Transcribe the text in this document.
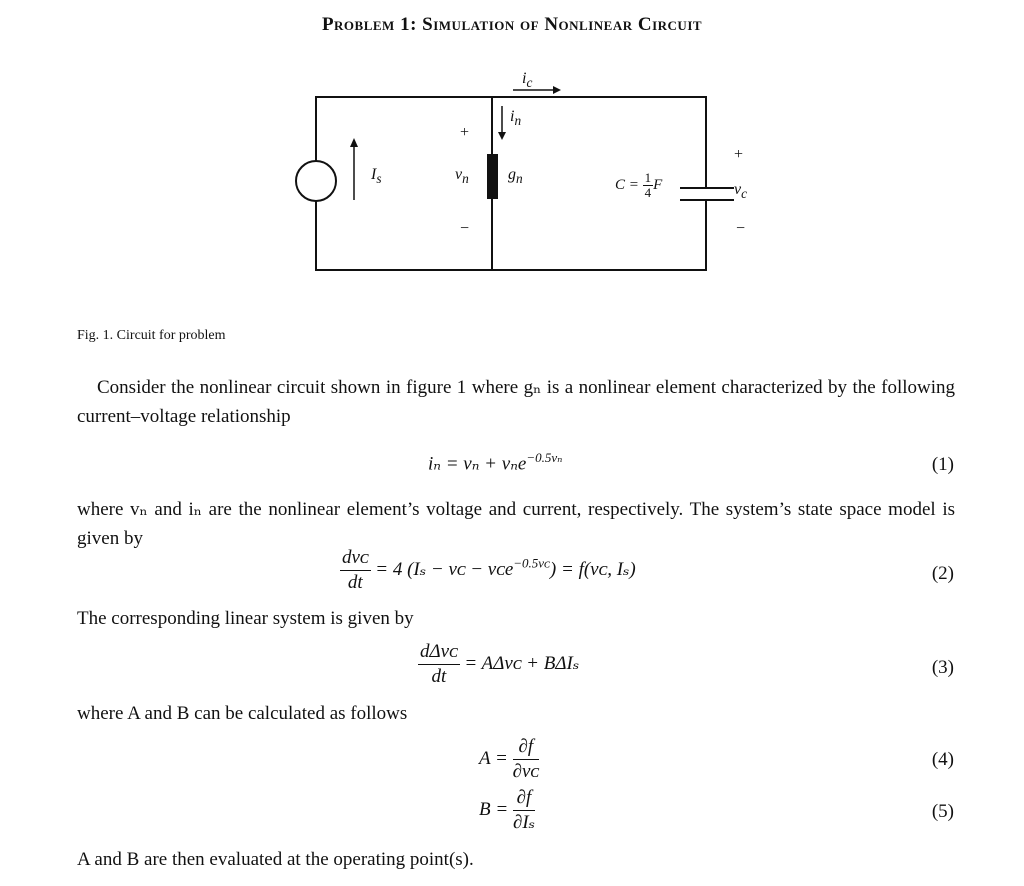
Problem 1: Simulation of Nonlinear Circuit
$i_c$
$i_n$
$I_s$	$v_n$ $g_n$
+
−
+
−
$C = \frac{1}{4}$ F	$v_c$
Fig. 1. Circuit for problem
Consider the nonlinear circuit shown in figure 1 where gₙ is a nonlinear element characterized by the following current–voltage relationship
iₙ = vₙ + vₙe$^{-0.5v_n}$	(1)
where vₙ and iₙ are the nonlinear element’s voltage and current, respectively. The system’s state space model is given by
$\frac{\text{dvᴄ}}{dt} = 4$ (Iₛ − vᴄ − vᴄe$^{-0.5vᴄ}$) = f(vᴄ, Iₛ)	(2)
The corresponding linear system is given by
$\frac{\text{dΔvᴄ}}{dt}$ = AΔvᴄ + BΔIₛ	(3)
where A and B can be calculated as follows
$A = \frac{\partial f}{\text{∂vᴄ}}$	(4)
$B = \frac{\partial f}{\text{∂Iₛ}}$	(5)
A and B are then evaluated at the operating point(s).
